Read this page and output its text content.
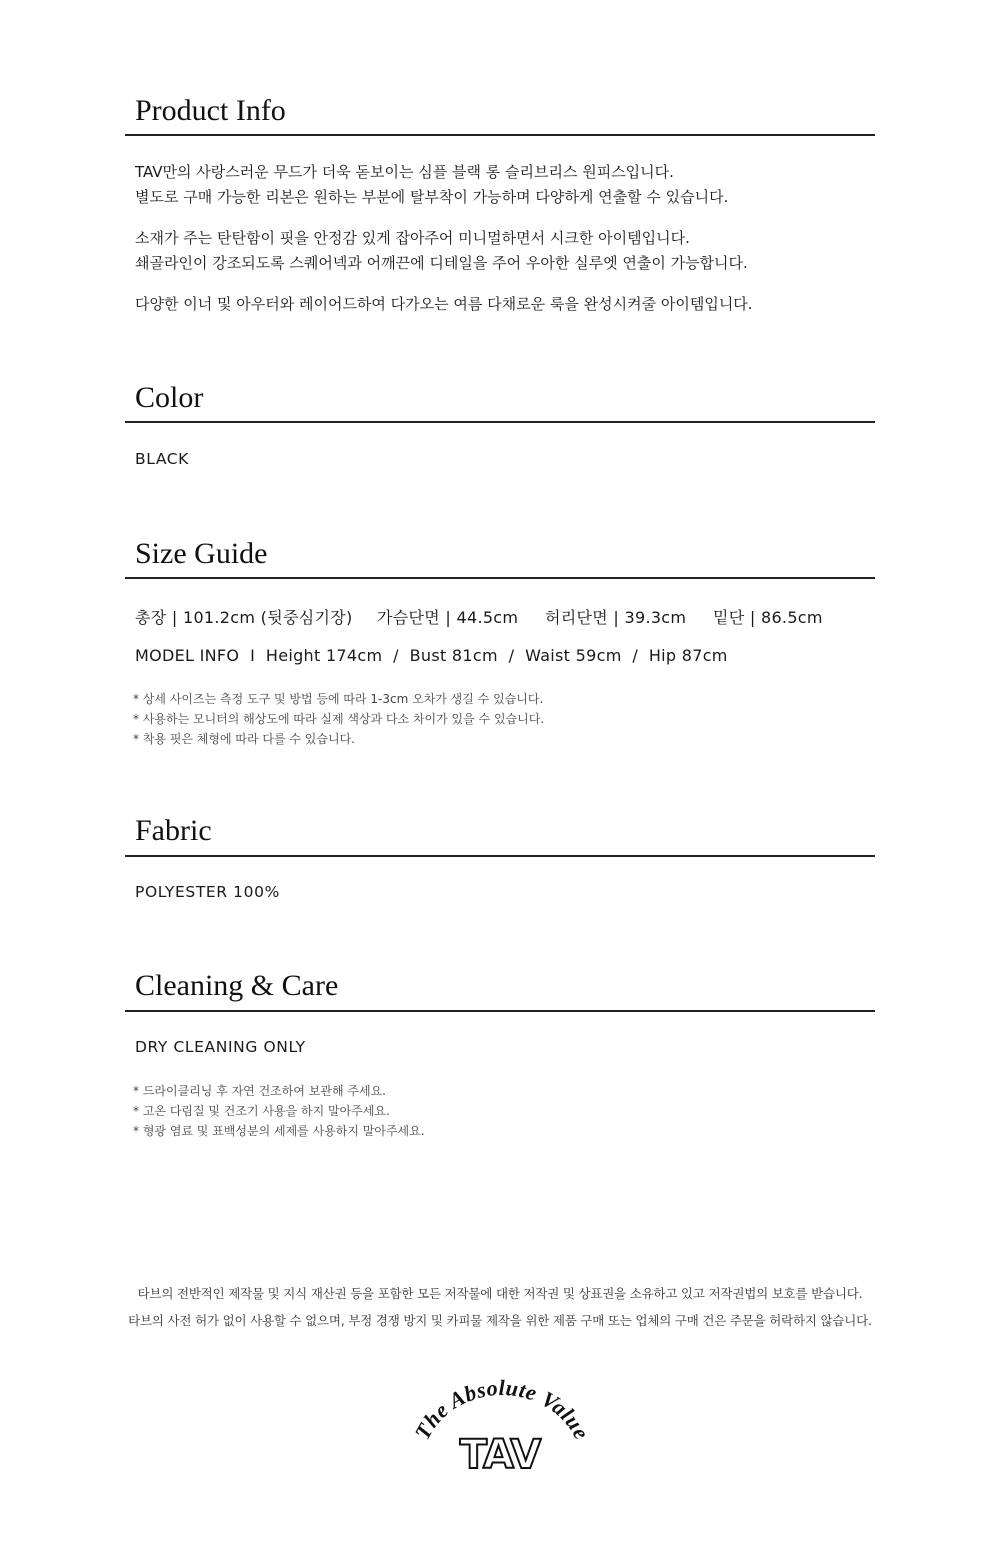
Product Info
TAV만의 사랑스러운 무드가 더욱 돋보이는 심플 블랙 롱 슬리브리스 원피스입니다.
별도로 구매 가능한 리본은 원하는 부분에 탈부착이 가능하며 다양하게 연출할 수 있습니다.
소재가 주는 탄탄함이 핏을 안정감 있게 잡아주어 미니멀하면서 시크한 아이템입니다.
쇄골라인이 강조되도록 스퀘어넥과 어깨끈에 디테일을 주어 우아한 실루엣 연출이 가능합니다.
다양한 이너 및 아우터와 레이어드하여 다가오는 여름 다채로운 룩을 완성시켜줄 아이템입니다.
Color
BLACK
Size Guide
총장 | 101.2cm (뒷중심기장) 가슴단면 | 44.5cm 허리단면 | 39.3cm 밑단 | 86.5cm
MODEL INFO  I  Height 174cm  /  Bust 81cm  /  Waist 59cm  /  Hip 87cm
* 상세 사이즈는 측정 도구 및 방법 등에 따라 1-3cm 오차가 생길 수 있습니다.
* 사용하는 모니터의 해상도에 따라 실제 색상과 다소 차이가 있을 수 있습니다.
* 착용 핏은 체형에 따라 다를 수 있습니다.
Fabric
POLYESTER 100%
Cleaning & Care
DRY CLEANING ONLY
* 드라이클리닝 후 자연 건조하여 보관해 주세요.
* 고온 다림질 및 건조기 사용을 하지 말아주세요.
* 형광 염료 및 표백성분의 세제를 사용하지 말아주세요.
타브의 전반적인 제작물 및 지식 재산권 등을 포함한 모든 저작물에 대한 저작권 및 상표권을 소유하고 있고 저작권법의 보호를 받습니다.
타브의 사전 허가 없이 사용할 수 없으며, 부정 경쟁 방지 및 카피물 제작을 위한 제품 구매 또는 업체의 구매 건은 주문을 허락하지 않습니다.
The Absolute Value
TAV
